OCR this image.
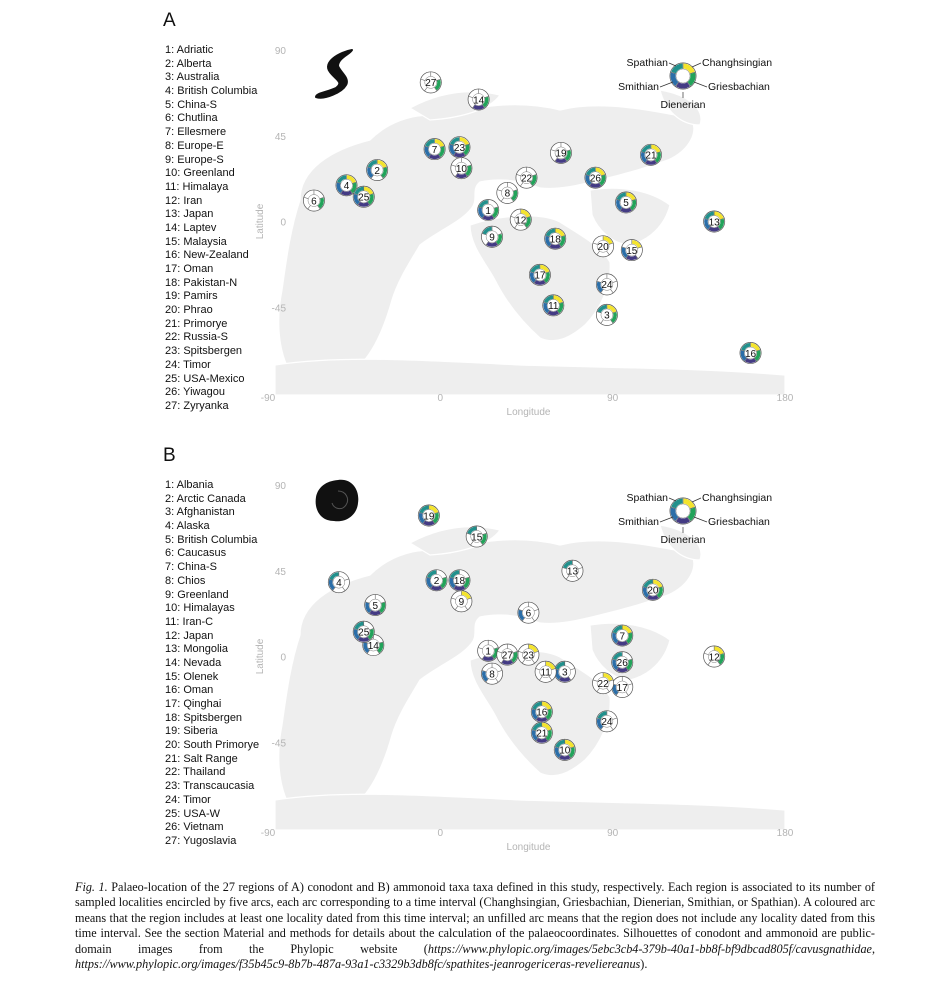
A
1: Adriatic
2: Alberta
3: Australia
4: British Columbia
5: China-S
6: Chutlina
7: Ellesmere
8: Europe-E
9: Europe-S
10: Greenland
11: Himalaya
12: Iran
13: Japan
14: Laptev
15: Malaysia
16: New-Zealand
17: Oman
18: Pakistan-N
19: Pamirs
20: Phrao
21: Primorye
22: Russia-S
23: Spitsbergen
24: Timor
25: USA-Mexico
26: Yiwagou
27: Zyryanka
90
45
0
-45
-90	0	90	180
Latitude
Longitude
Spathian
Smithian
Changhsingian
Griesbachian
Dienerian
1
2
3
4
5
6
7
8
9
10
11
12	13
14
15
16
17
18
19
20
21
22
23
24
25
26
27
B
1: Albania
2: Arctic Canada
3: Afghanistan
4: Alaska
5: British Columbia
6: Caucasus
7: China-S
8: Chios
9: Greenland
10: Himalayas
11: Iran-C
12: Japan
13: Mongolia
14: Nevada
15: Olenek
16: Oman
17: Qinghai
18: Spitsbergen
19: Siberia
20: South Primorye
21: Salt Range
22: Thailand
23: Transcaucasia
24: Timor
25: USA-W
26: Vietnam
27: Yugoslavia
90
45
0
-45
-90	0	90	180
Latitude
Longitude
Spathian
Smithian
Changhsingian
Griesbachian
Dienerian
1
2
3
4
5
6
7
8
9
10
11
12
13
14
15
16
17
18
19
20
21
22
23
24
25
26
27
Fig. 1. Palaeo-location of the 27 regions of A) conodont and B) ammonoid taxa taxa defined in this study, respectively. Each region is associated to its number of sampled localities encircled by five arcs, each arc corresponding to a time interval (Changhsingian, Griesbachian, Dienerian, Smithian, or Spathian). A coloured arc means that the region includes at least one locality dated from this time interval; an unfilled arc means that the region does not include any locality dated from this time interval. See the section Material and methods for details about the calculation of the palaeocoordinates. Silhouettes of conodont and ammonoid are public-domain images from the Phylopic website (https://www.phylopic.org/images/5ebc3cb4-379b-40a1-bb8f-bf9dbcad805f/cavusgnathidae, https://www.phylopic.org/images/f35b45c9-8b7b-487a-93a1-c3329b3db8fc/spathites-jeanrogericeras-reveliereanus).
